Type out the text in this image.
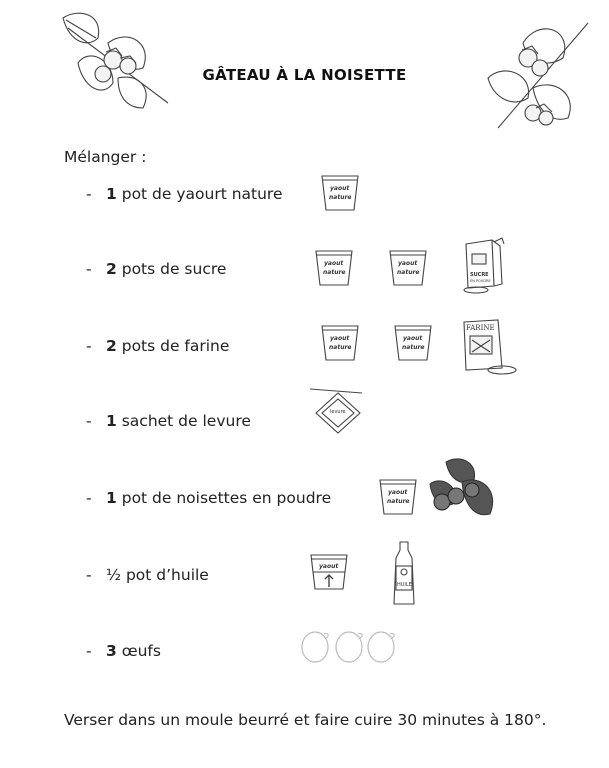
GÂTEAU À LA NOISETTE
Mélanger :
- 1 pot de yaourt nature
- 2 pots de sucre
- 2 pots de farine
- 1 sachet de levure
- 1 pot de noisettes en poudre
- ½ pot d’huile
- 3 œufs
yaout
nature
yaout
nature
yaout
nature
yaout
nature
yaout
nature
yaout
nature
yaout
SUCRE
EN POUDRE
FARINE
levure
HUILE
Verser dans un moule beurré et faire cuire 30 minutes à 180°.
